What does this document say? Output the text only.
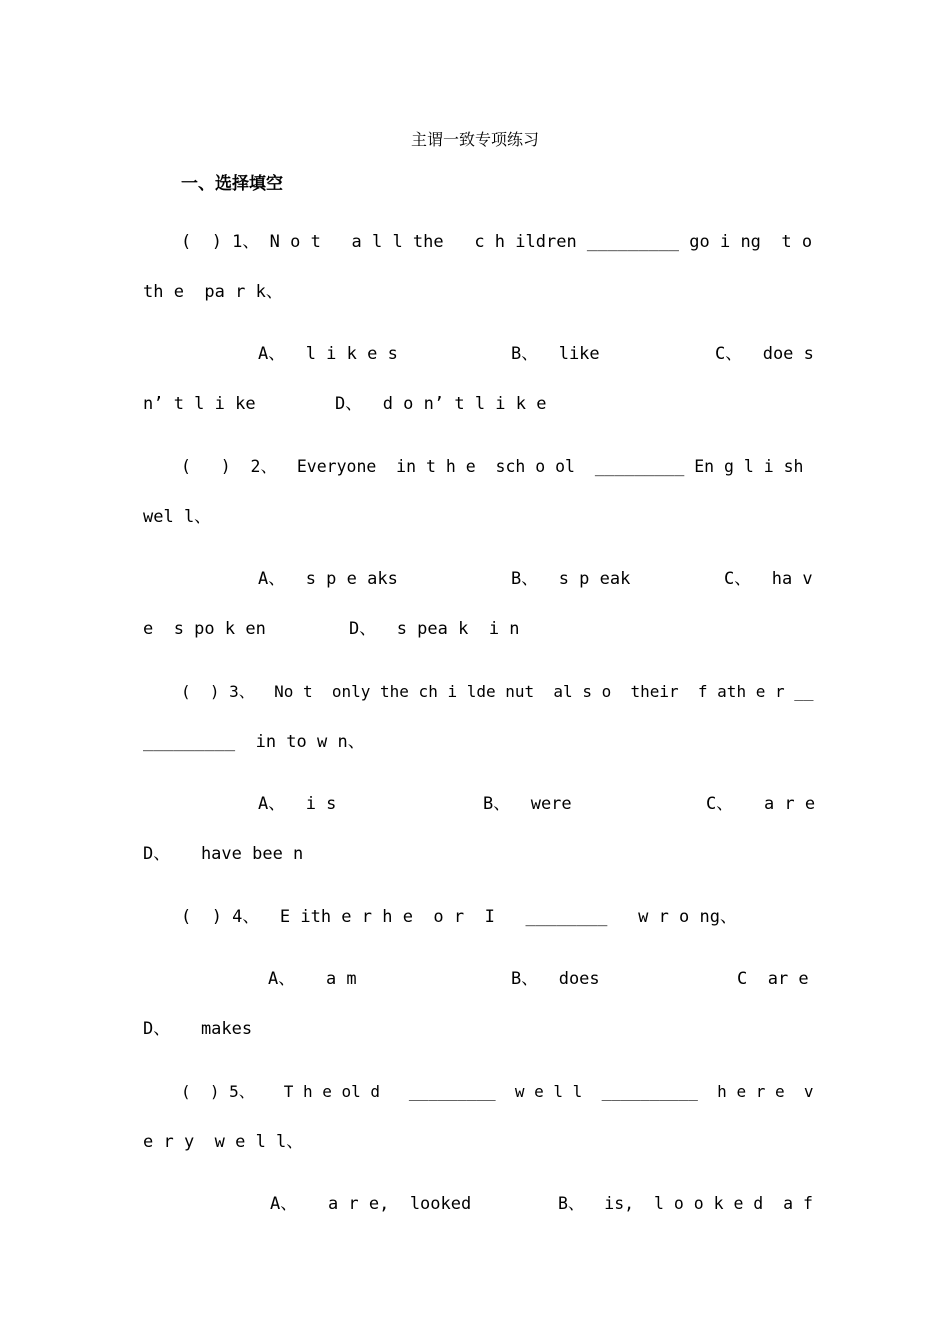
主谓一致专项练习
一、选择填空
(  ) 1、 N o t   a l l the   c h ildren _________ go i ng  t o
th e  pa r k、
A、  l i k e s	B、  like	C、  doe s
n’ t l i ke	D、  d o n’ t l i k e
(   )  2、  Everyone  in t h e  sch o ol  _________ En g l i sh
wel l、
A、  s p e aks	B、  s p eak	C、  ha v
e  s po k en	D、  s pea k  i n
(  ) 3、  No t  only the ch i lde nut  al s o  their  f ath e r __
_________  in to w n、
A、  i s	B、  were	C、   a r e
D、   have bee n
(  ) 4、  E ith e r h e  o r  I   ________   w r o ng、
A、   a m	B、  does	C  ar e
D、   makes
(  ) 5、   T h e ol d   _________  w e l l  __________  h e r e  v
e r y  w e l l、
A、   a r e,  looked	B、  is,  l o o k e d  a f
